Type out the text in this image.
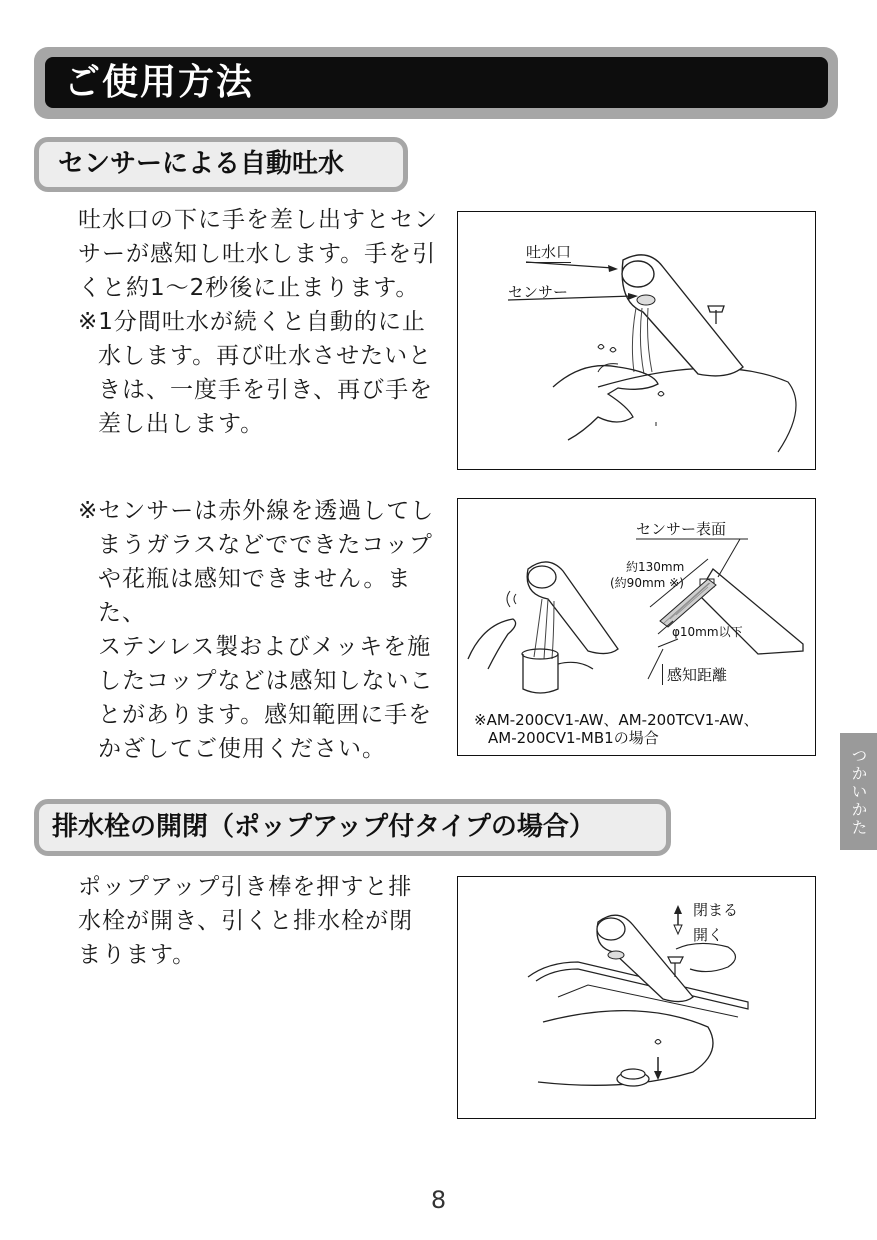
ご使用方法
センサーによる自動吐水
吐水口の下に手を差し出すとセン
サーが感知し吐水します。手を引
くと約1～2秒後に止まります。
※1分間吐水が続くと自動的に止
水します。再び吐水させたいと
きは、一度手を引き、再び手を
差し出します。
吐水口
センサー
※センサーは赤外線を透過してし
まうガラスなどでできたコップ
や花瓶は感知できません。また、
ステンレス製およびメッキを施
したコップなどは感知しないこ
とがあります。感知範囲に手を
かざしてご使用ください。
センサー表面
約130mm
(約90mm ※)
φ10mm以下
感知距離
※AM-200CV1-AW、AM-200TCV1-AW、
AM-200CV1-MB1の場合
つかいかた
排水栓の開閉（ポップアップ付タイプの場合）
ポップアップ引き棒を押すと排
水栓が開き、引くと排水栓が閉
まります。
閉まる
開く
8
